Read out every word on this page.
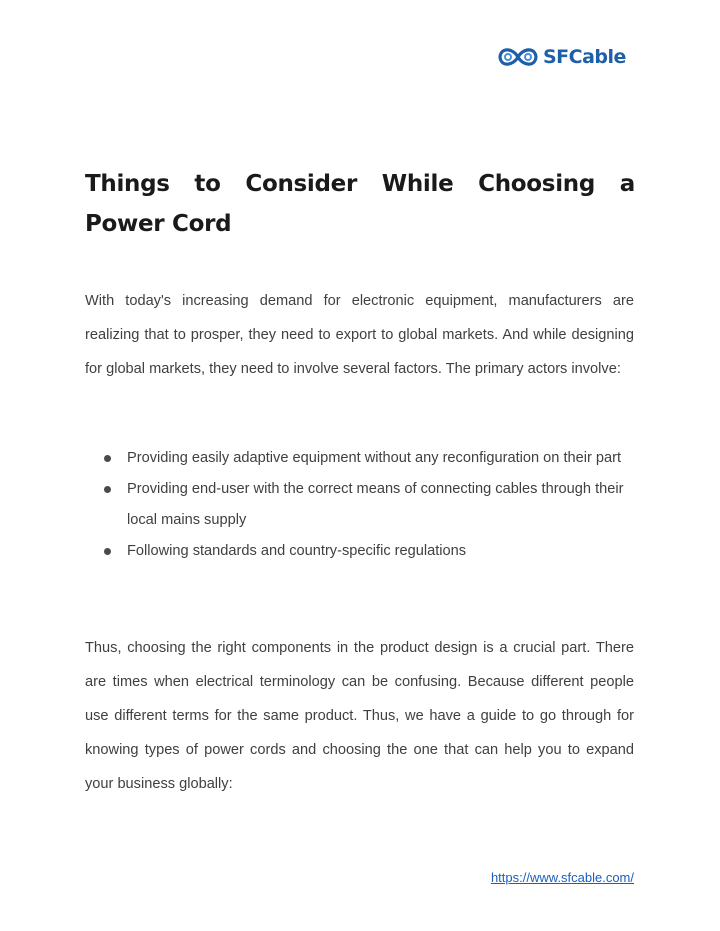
SFCable
Things to Consider While Choosing a Power Cord

With today's increasing demand for electronic equipment, manufacturers are realizing that to prosper, they need to export to global markets. And while designing for global markets, they need to involve several factors. The primary actors involve:

Providing easily adaptive equipment without any reconfiguration on their part
Providing end-user with the correct means of connecting cables through their local mains supply
Following standards and country-specific regulations

Thus, choosing the right components in the product design is a crucial part. There are times when electrical terminology can be confusing. Because different people use different terms for the same product. Thus, we have a guide to go through for knowing types of power cords and choosing the one that can help you to expand your business globally:

https://www.sfcable.com/
